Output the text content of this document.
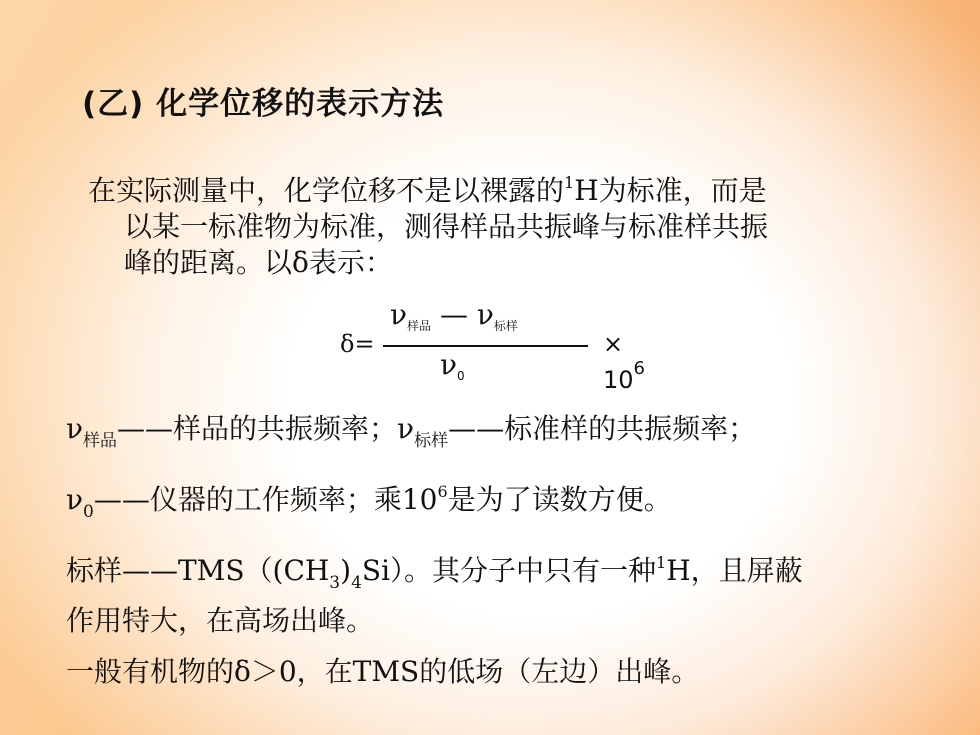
(乙) 化学位移的表示方法
在实际测量中，化学位移不是以裸露的$^1$H为标准，而是
以某一标准物为标准，测得样品共振峰与标准样共振
峰的距离。以δ表示：
δ=
$\nu_{样品}$ — $\nu_{标样}$
$\nu_0$
× $10^6$
$\nu_{样品}——$样品的共振频率；$\nu_{标样}——$标准样的共振频率；
$\nu_0——$仪器的工作频率；乘$10^6$是为了读数方便。
标样$——TMS((CH_3)_4Si)$。其分子中只有一种$^1$H，且屏蔽
作用特大，在高场出峰。
一般有机物的δ＞0，在TMS的低场（左边）出峰。
